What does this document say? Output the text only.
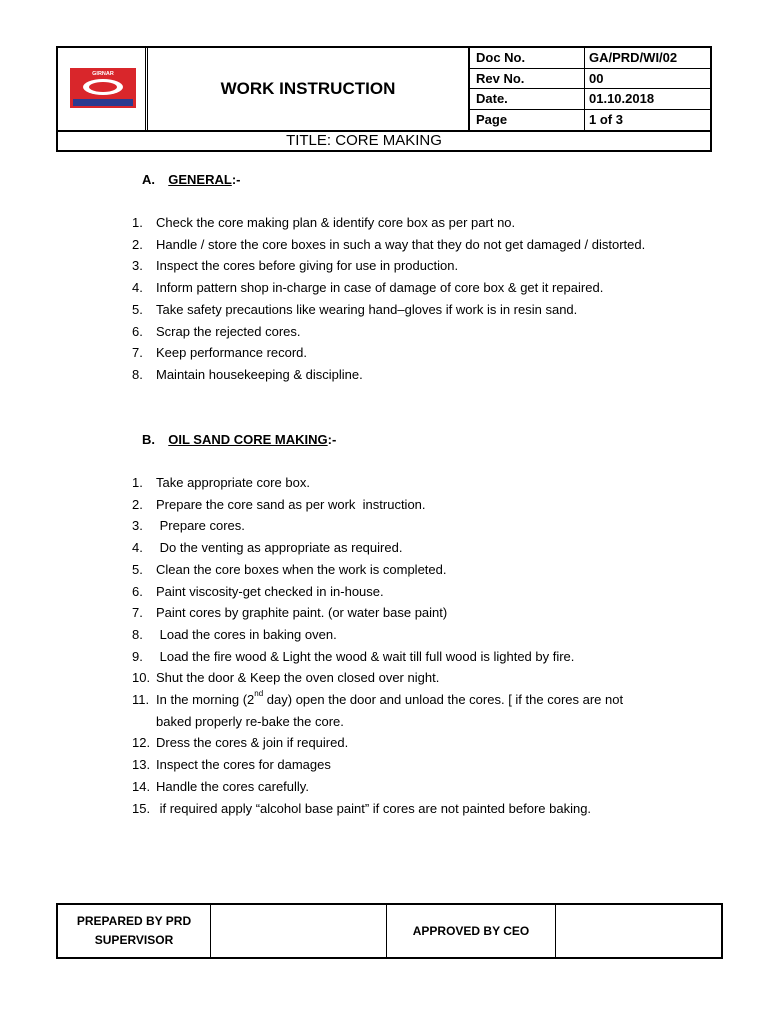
GIRNAR
WORK INSTRUCTION
Doc No.	GA/PRD/WI/02
Rev No.	00
Date.	01.10.2018
Page	1 of 3
TITLE: CORE MAKING
A. GENERAL:-
1. Check the core making plan & identify core box as per part no.
2. Handle / store the core boxes in such a way that they do not get damaged / distorted.
3. Inspect the cores before giving for use in production.
4. Inform pattern shop in-charge in case of damage of core box & get it repaired.
5. Take safety precautions like wearing hand–gloves if work is in resin sand.
6. Scrap the rejected cores.
7. Keep performance record.
8. Maintain housekeeping & discipline.
B. OIL SAND CORE MAKING:-
1. Take appropriate core box.
2. Prepare the core sand as per work  instruction.
3. Prepare cores.
4. Do the venting as appropriate as required.
5. Clean the core boxes when the work is completed.
6. Paint viscosity-get checked in in-house.
7. Paint cores by graphite paint. (or water base paint)
8. Load the cores in baking oven.
9. Load the fire wood & Light the wood & wait till full wood is lighted by fire.
10. Shut the door & Keep the oven closed over night.
11. In the morning (2nd day) open the door and unload the cores. [ if the cores are not baked properly re-bake the core.
12. Dress the cores & join if required.
13. Inspect the cores for damages
14. Handle the cores carefully.
15. if required apply “alcohol base paint” if cores are not painted before baking.
PREPARED BY PRD SUPERVISOR
APPROVED BY CEO
